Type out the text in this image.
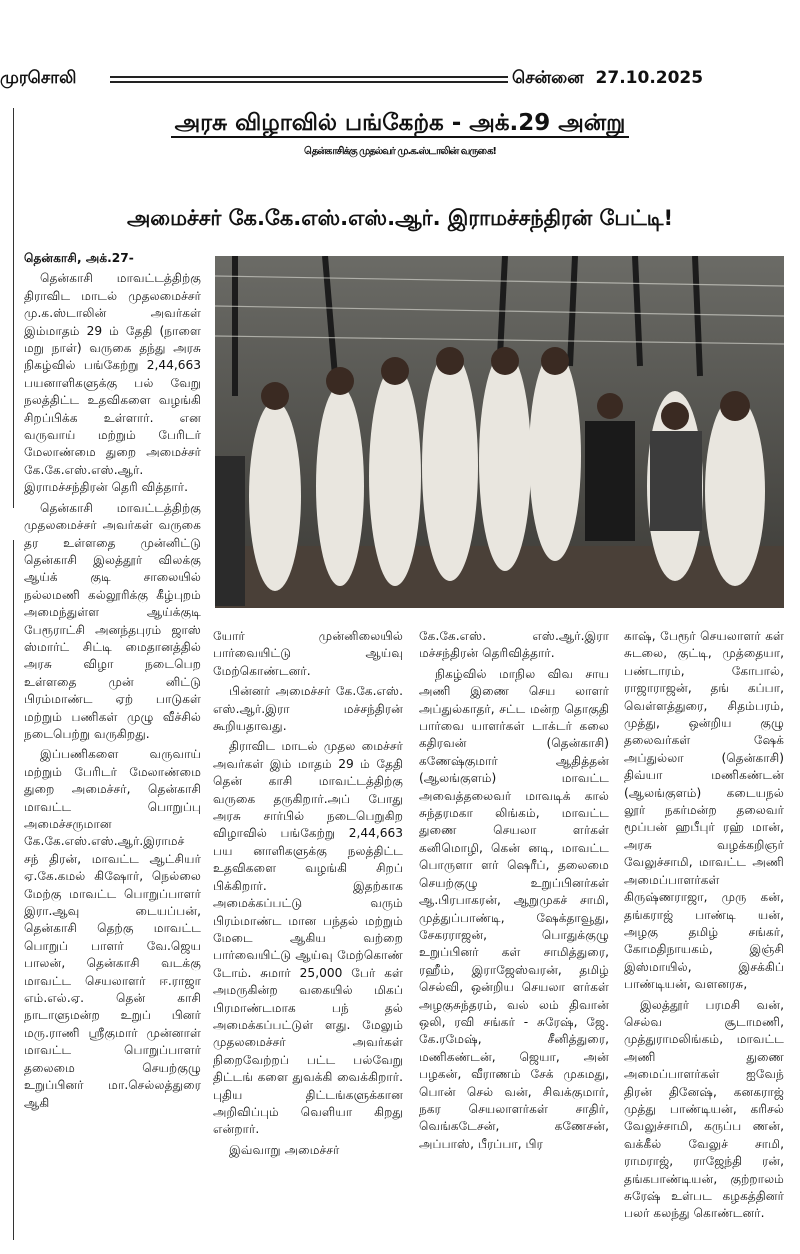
முரசொலி	சென்னை 27.10.2025
அரசு விழாவில் பங்கேற்க - அக்.29 அன்று
தென்காசிக்கு முதல்வர் மு.க.ஸ்டாலின் வருகை!
அமைச்சர் கே.கே.எஸ்.எஸ்.ஆர். இராமச்சந்திரன் பேட்டி!

தென்காசி, அக்.27-

தென்காசி மாவட்டத்திற்கு திராவிட மாடல் முதலமைச்சர் மு.க.ஸ்டாலின் அவர்கள் இம்மாதம் 29 ம் தேதி (நாளை மறு நாள்) வருகை தந்து அரசு நிகழ்வில் பங்கேற்று 2,44,663 பயனாளிகளுக்கு பல் வேறு நலத்திட்ட உதவிகளை வழங்கி சிறப்பிக்க உள்ளார். என வருவாய் மற்றும் பேரிடர் மேலாண்மை துறை அமைச்சர் கே.கே.எஸ்.எஸ்.ஆர். இராமச்சந்திரன் தெரி வித்தார்.

தென்காசி மாவட்டத்திற்கு முதலமைச்சர் அவர்கள் வருகை தர உள்ளதை முன்னிட்டு தென்காசி இலத்தூர் விலக்கு ஆய்க் குடி சாலையில் நல்லமணி கல்லூரிக்கு கீழ்புறம் அமைந்துள்ள ஆய்க்குடி பேரூராட்சி அனந்தபுரம் ஜாஸ் ஸ்மார்ட் சிட்டி மைதானத்தில் அரசு விழா நடைபெற உள்ளதை முன் னிட்டு பிரம்மாண்ட ஏற் பாடுகள் மற்றும் பணிகள் முழு வீச்சில் நடைபெற்று வருகிறது.

இப்பணிகளை வருவாய் மற்றும் பேரிடர் மேலாண்மை துறை அமைச்சர், தென்காசி மாவட்ட பொறுப்பு அமைச்சருமான கே.கே.எஸ்.எஸ்.ஆர்.இராமச் சந் திரன், மாவட்ட ஆட்சியர் ஏ.கே.கமல் கிஷோர், நெல்லை மேற்கு மாவட்ட பொறுப்பாளர் இரா.ஆவு டையப்பன், தென்காசி தெற்கு மாவட்ட பொறுப் பாளர் வே.ஜெய பாலன், தென்காசி வடக்கு மாவட்ட செயலாளர் ஈ.ராஜா எம்.எல்.ஏ. தென் காசி நாடாளுமன்ற உறுப் பினர் மரு.ராணி ஸ்ரீகுமார் முன்னாள் மாவட்ட பொறுப்பாளர் தலைமை செயற்குழு உறுப்பினர் மா.செல்லத்துரை ஆகி

யோர் முன்னிலையில் பார்வையிட்டு ஆய்வு மேற்கொண்டனர்.

பின்னர் அமைச்சர் கே.கே.எஸ். எஸ்.ஆர்.இரா மச்சந்திரன் கூறியதாவது.

திராவிட மாடல் முதல மைச்சர் அவர்கள் இம் மாதம் 29 ம் தேதி தென் காசி மாவட்டத்திற்கு வருகை தருகிறார்.அப் போது அரசு சார்பில் நடைபெறுகிற விழாவில் பங்கேற்று 2,44,663 பய னாளிகளுக்கு நலத்திட்ட உதவிகளை வழங்கி சிறப் பிக்கிறார். இதற்காக அமைக்கப்பட்டு வரும் பிரம்மாண்ட மான பந்தல் மற்றும் மேடை ஆகிய வற்றை பார்வையிட்டு ஆய்வு மேற்கொண் டோம். சுமார் 25,000 பேர் கள் அமருகின்ற வகையில் மிகப் பிரமாண்டமாக பந் தல் அமைக்கப்பட்டுள் ளது. மேலும் முதலமைச்சர் அவர்கள் நிறைவேற்றப் பட்ட பல்வேறு திட்டங் களை துவக்கி வைக்கிறார். புதிய திட்டங்களுக்கான அறிவிப்பும் வெளியா கிறது என்றார்.

இவ்வாறு அமைச்சர்

கே.கே.எஸ். எஸ்.ஆர்.இரா மச்சந்திரன் தெரிவித்தார்.

நிகழ்வில் மாநில விவ சாய அணி இணை செய லாளர் அப்துல்காதர், சட்ட மன்ற தொகுதி பார்வை யாளர்கள் டாக்டர் கலை கதிரவன் (தென்காசி) கணேஷ்குமார் ஆதித்தன் (ஆலங்குளம்) மாவட்ட அவைத்தலைவர் மாவடிக் கால் சுந்தரமகா லிங்கம், மாவட்ட துணை செயலா ளர்கள் கனிமொழி, கென் னடி, மாவட்ட பொருளா ளர் ஷெரீப், தலைமை செயற்குழு உறுப்பினர்கள் ஆ.பிரபாகரன், ஆறுமுகச் சாமி, முத்துப்பாண்டி, ஷேக்தாவூது, சேகரராஜன், பொதுக்குழு உறுப்பினர் கள் சாமித்துரை, ரஹீம், இராஜேஸ்வரன், தமிழ் செல்வி, ஒன்றிய செயலா ளர்கள் அழகுசுந்தரம், வல் லம் திவான் ஒலி, ரவி சங்கர் - சுரேஷ், ஜே. கே.ரமேஷ், சீனித்துரை, மணிகண்டன், ஜெயா, அன் பழகன், வீராணம் சேக் முகமது, பொன் செல் வன், சிவக்குமார், நகர செயலாளர்கள் சாதிர், வெங்கடேசன், கணேசன், அப்பாஸ், பீரப்பா, பிர

காஷ், பேரூர் செயலாளர் கள் சுடலை, குட்டி, முத்தையா, பண்டாரம், கோபால், ராஜாராஜன், தங் கப்பா, வெள்ளத்துரை, சிதம்பரம், முத்து, ஒன்றிய குழு தலைவர்கள் ஷேக் அப்துல்லா (தென்காசி) திவ்யா மணிகண்டன் (ஆலங்குளம்) கடையநல் லூர் நகர்மன்ற தலைவர் மூப்பன் ஹபீபுர் ரஹ் மான், அரசு வழக்கறிஞர் வேலுச்சாமி, மாவட்ட அணி அமைப்பாளர்கள் கிருஷ்ணராஜா, முரு கன், தங்கராஜ் பாண்டி யன், அழகு தமிழ் சங்கர், கோமதிநாயகம், இஞ்சி இஸ்மாயில், இசக்கிப் பாண்டியன், வளனரசு,

இலத்தூர் பரமசி வன், செல்வ சூடாமணி, முத்துராமலிங்கம், மாவட்ட அணி துணை அமைப்பாளர்கள் ஐவேந் திரன் தினேஷ், கனகராஜ் முத்து பாண்டியன், கரிசல் வேலுச்சாமி, கருப்ப ணன், வக்கீல் வேலுச் சாமி, ராமராஜ், ராஜேந்தி ரன், தங்கபாண்டியன், குற்றாலம் சுரேஷ் உள்பட கழகத்தினர் பலர் கலந்து கொண்டனர்.
